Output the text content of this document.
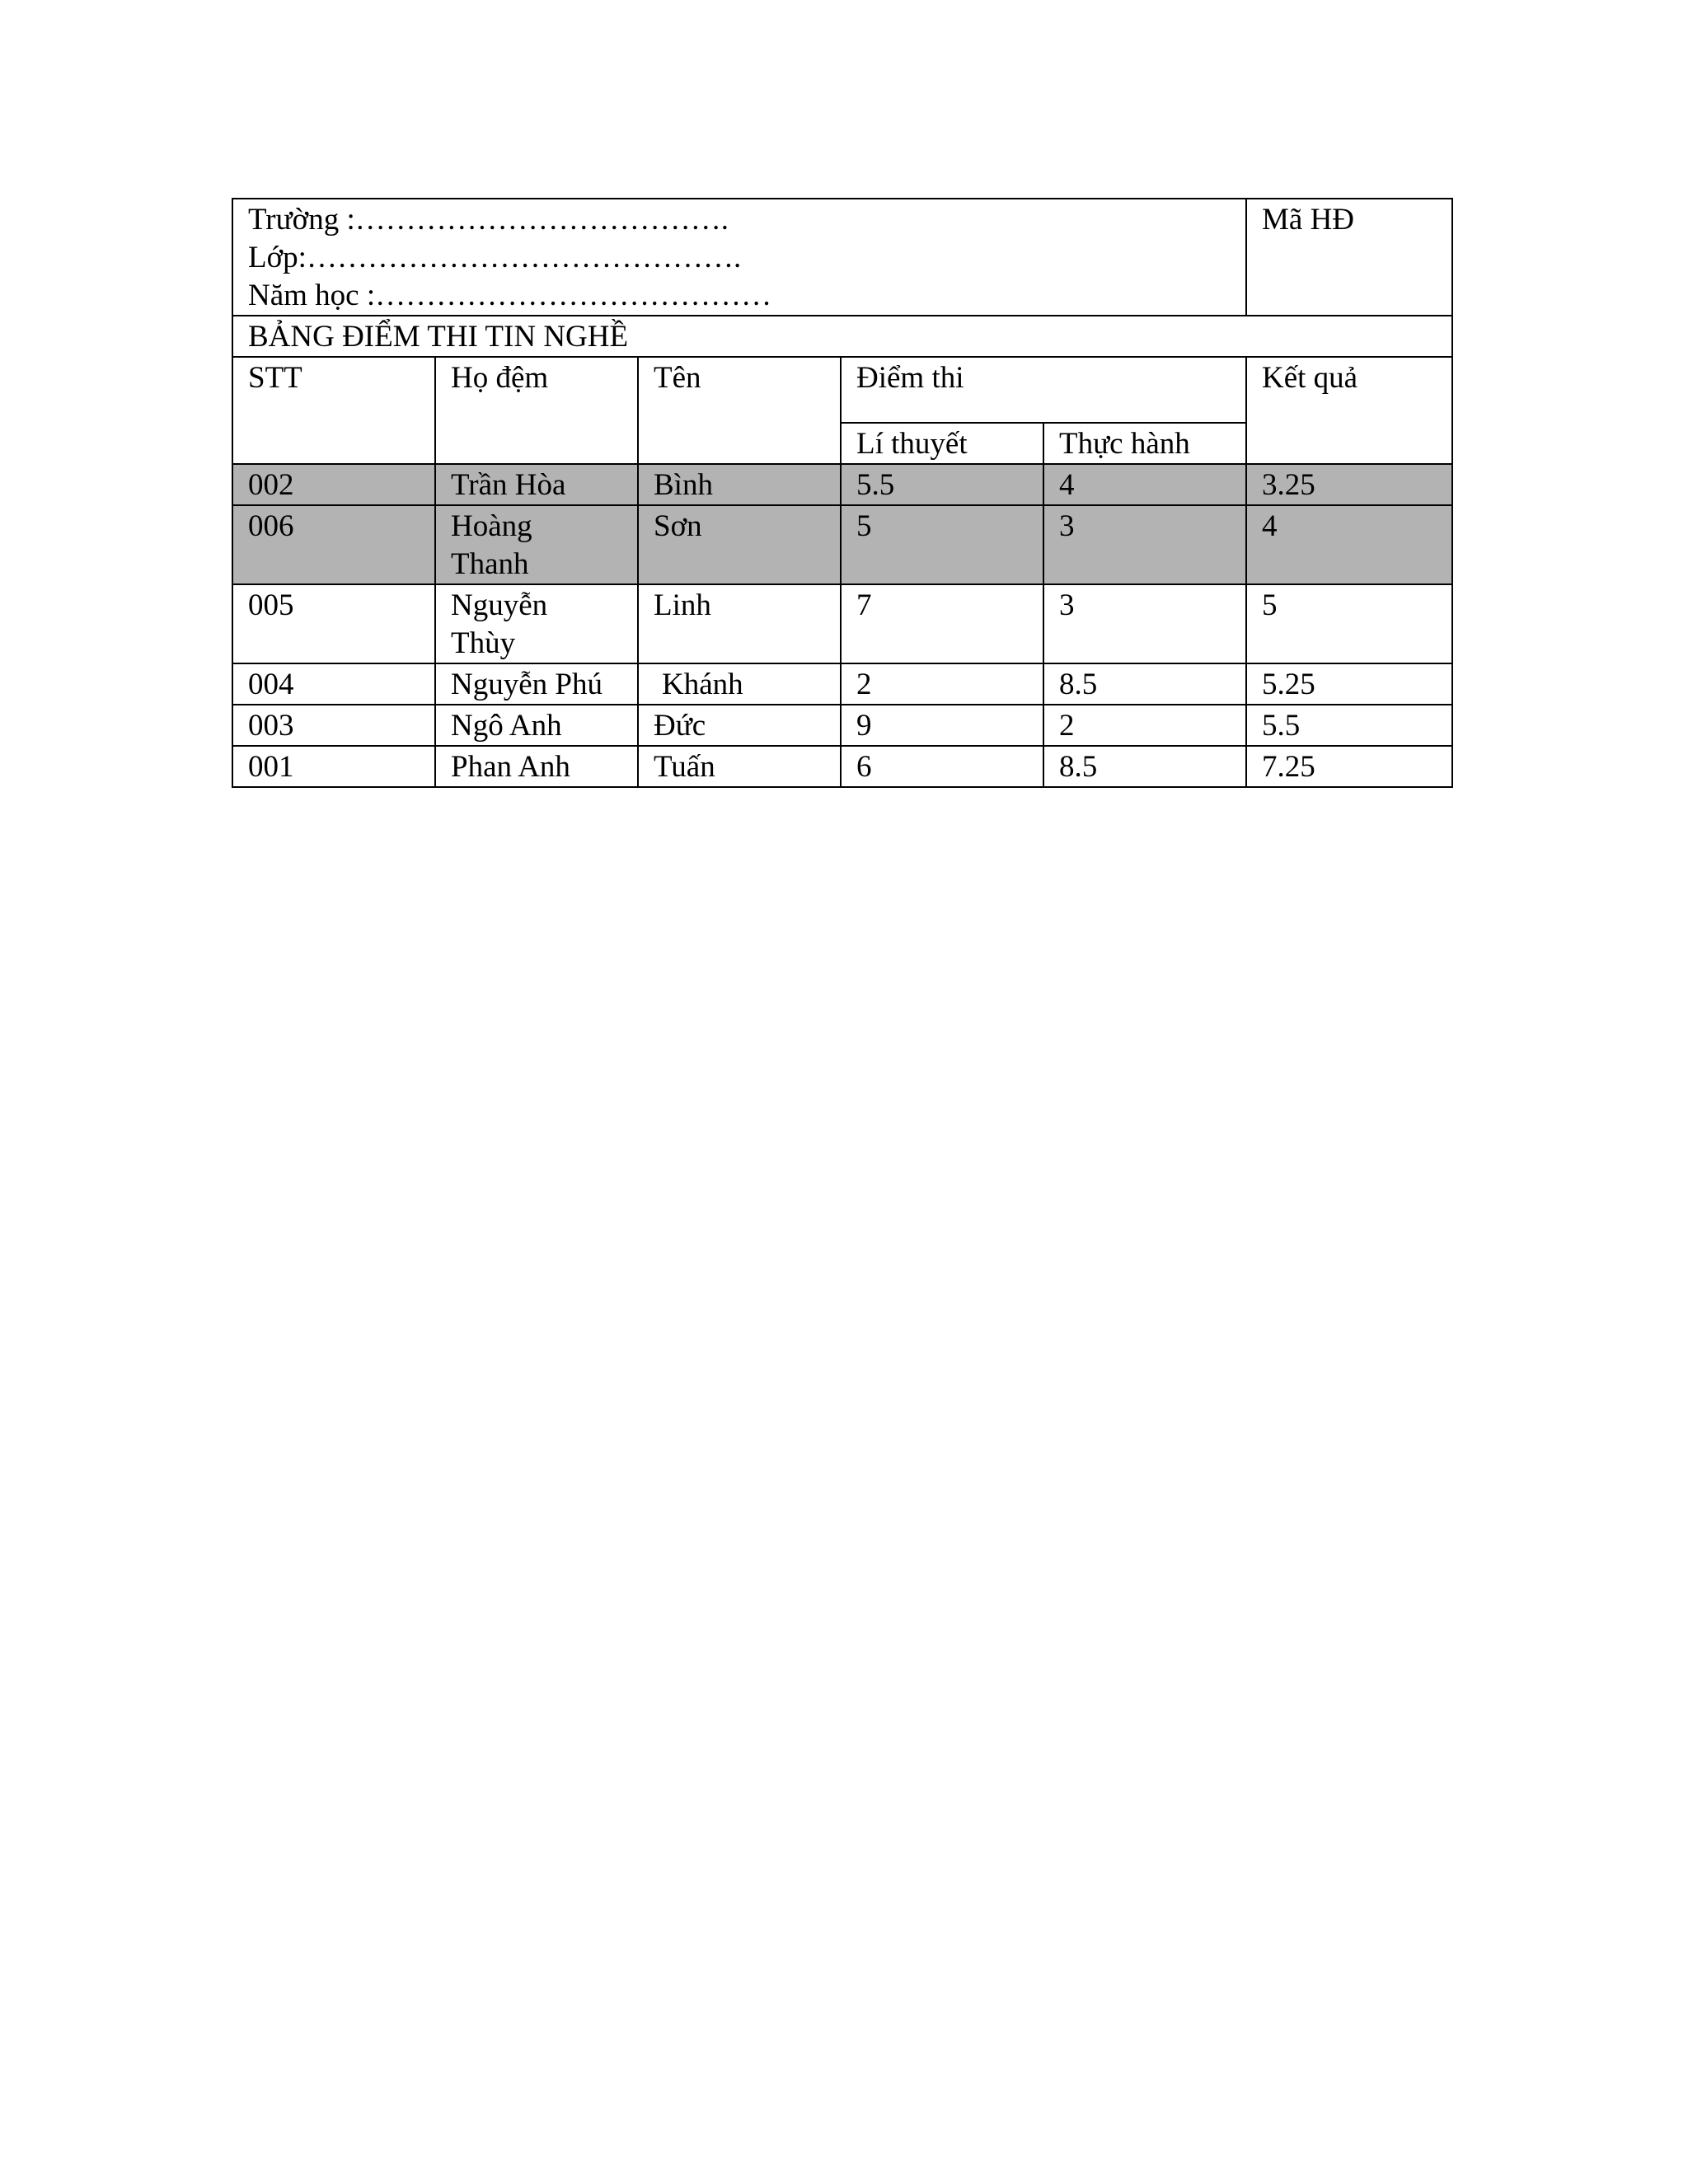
Trường :……………………………….
Lớp:…………………………………….
Năm học :…………………………………					Mã HĐ
BẢNG ĐIỂM THI TIN NGHỀ					
STT	Họ đệm	Tên	Điểm thi		Kết quả
			Lí thuyết	Thực hành	
002	Trần Hòa	Bình	5.5	4	3.25
006	Hoàng Thanh	Sơn	5	3	4
005	Nguyễn Thùy	Linh	7	3	5
004	Nguyễn Phú	Khánh	2	8.5	5.25
003	Ngô Anh	Đức	9	2	5.5
001	Phan Anh	Tuấn	6	8.5	7.25
